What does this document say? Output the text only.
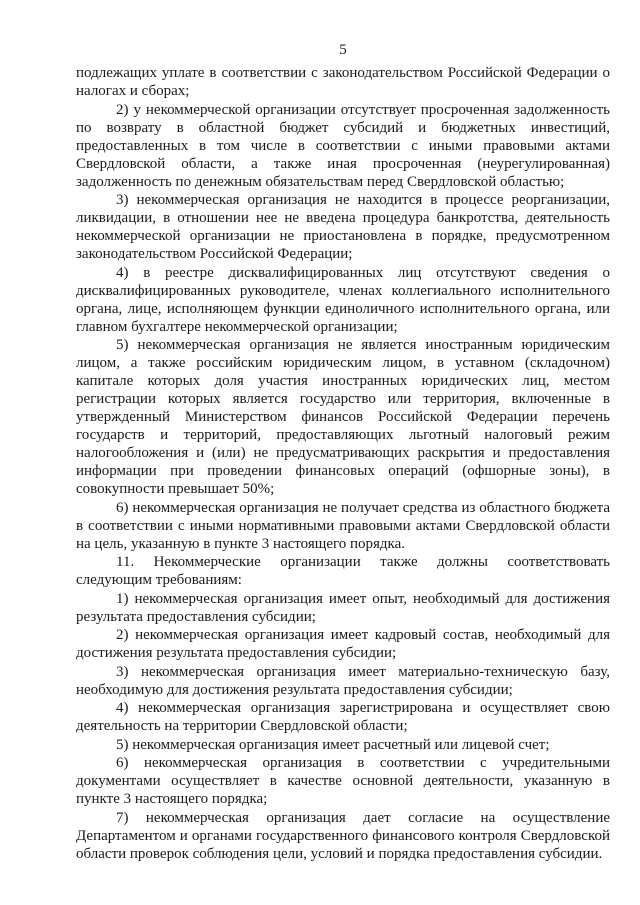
5

подлежащих уплате в соответствии с законодательством Российской Федерации о налогах и сборах;

2) у некоммерческой организации отсутствует просроченная задолженность по возврату в областной бюджет субсидий и бюджетных инвестиций, предоставленных в том числе в соответствии с иными правовыми актами Свердловской области, а также иная просроченная (неурегулированная) задолженность по денежным обязательствам перед Свердловской областью;

3) некоммерческая организация не находится в процессе реорганизации, ликвидации, в отношении нее не введена процедура банкротства, деятельность некоммерческой организации не приостановлена в порядке, предусмотренном законодательством Российской Федерации;

4) в реестре дисквалифицированных лиц отсутствуют сведения о дисквалифицированных руководителе, членах коллегиального исполнительного органа, лице, исполняющем функции единоличного исполнительного органа, или главном бухгалтере некоммерческой организации;

5) некоммерческая организация не является иностранным юридическим лицом, а также российским юридическим лицом, в уставном (складочном) капитале которых доля участия иностранных юридических лиц, местом регистрации которых является государство или территория, включенные в утвержденный Министерством финансов Российской Федерации перечень государств и территорий, предоставляющих льготный налоговый режим налогообложения и (или) не предусматривающих раскрытия и предоставления информации при проведении финансовых операций (офшорные зоны), в совокупности превышает 50%;

6) некоммерческая организация не получает средства из областного бюджета в соответствии с иными нормативными правовыми актами Свердловской области на цель, указанную в пункте 3 настоящего порядка.

11. Некоммерческие организации также должны соответствовать следующим требованиям:

1) некоммерческая организация имеет опыт, необходимый для достижения результата предоставления субсидии;

2) некоммерческая организация имеет кадровый состав, необходимый для достижения результата предоставления субсидии;

3) некоммерческая организация имеет материально-техническую базу, необходимую для достижения результата предоставления субсидии;

4) некоммерческая организация зарегистрирована и осуществляет свою деятельность на территории Свердловской области;

5) некоммерческая организация имеет расчетный или лицевой счет;

6) некоммерческая организация в соответствии с учредительными документами осуществляет в качестве основной деятельности, указанную в пункте 3 настоящего порядка;

7) некоммерческая организация дает согласие на осуществление Департаментом и органами государственного финансового контроля Свердловской области проверок соблюдения цели, условий и порядка предоставления субсидии.
